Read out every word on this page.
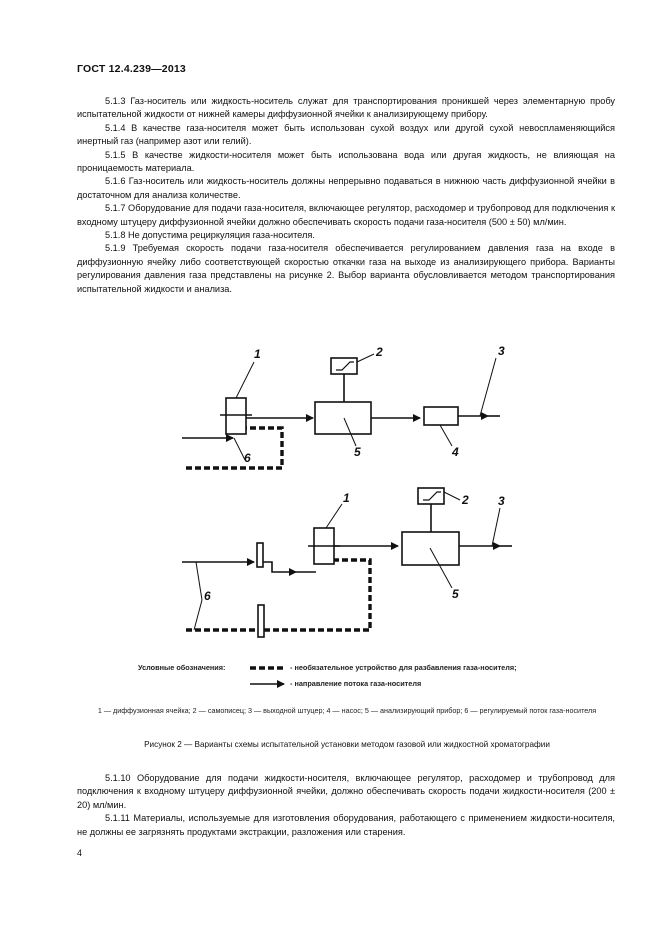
ГОСТ 12.4.239—2013

5.1.3 Газ-носитель или жидкость-носитель служат для транспортирования проникшей через элементарную пробу испытательной жидкости от нижней камеры диффузионной ячейки к анализирующему прибору.

5.1.4 В качестве газа-носителя может быть использован сухой воздух или другой сухой невоспламеняющийся инертный газ (например азот или гелий).

5.1.5 В качестве жидкости-носителя может быть использована вода или другая жидкость, не влияющая на проницаемость материала.

5.1.6 Газ-носитель или жидкость-носитель должны непрерывно подаваться в нижнюю часть диффузионной ячейки в достаточном для анализа количестве.

5.1.7 Оборудование для подачи газа-носителя, включающее регулятор, расходомер и трубопровод для подключения к входному штуцеру диффузионной ячейки должно обеспечивать скорость подачи газа-носителя (500 ± 50) мл/мин.

5.1.8 Не допустима рециркуляция газа-носителя.

5.1.9 Требуемая скорость подачи газа-носителя обеспечивается регулированием давления газа на входе в диффузионную ячейку либо соответствующей скоростью откачки газа на выходе из анализирующего прибора. Варианты регулирования давления газа представлены на рисунке 2. Выбор варианта обусловливается методом транспортирования испытательной жидкости и анализа.

1	2	3
4
5
6
1	2 3
5
6
Условные обозначения:	- необязательное устройство для разбавления газа-носителя;
- направление потока газа-носителя
1 — диффузионная ячейка; 2 — самописец; 3 — выходной штуцер; 4 — насос; 5 — анализирующий прибор; 6 — регулируемый поток газа-носителя
Рисунок 2 — Варианты схемы испытательной установки методом газовой или жидкостной хроматографии

5.1.10 Оборудование для подачи жидкости-носителя, включающее регулятор, расходомер и трубопровод для подключения к входному штуцеру диффузионной ячейки, должно обеспечивать скорость подачи жидкости-носителя (200 ± 20) мл/мин.

5.1.11 Материалы, используемые для изготовления оборудования, работающего с применением жидкости-носителя, не должны ее загрязнять продуктами экстракции, разложения или старения.

4
